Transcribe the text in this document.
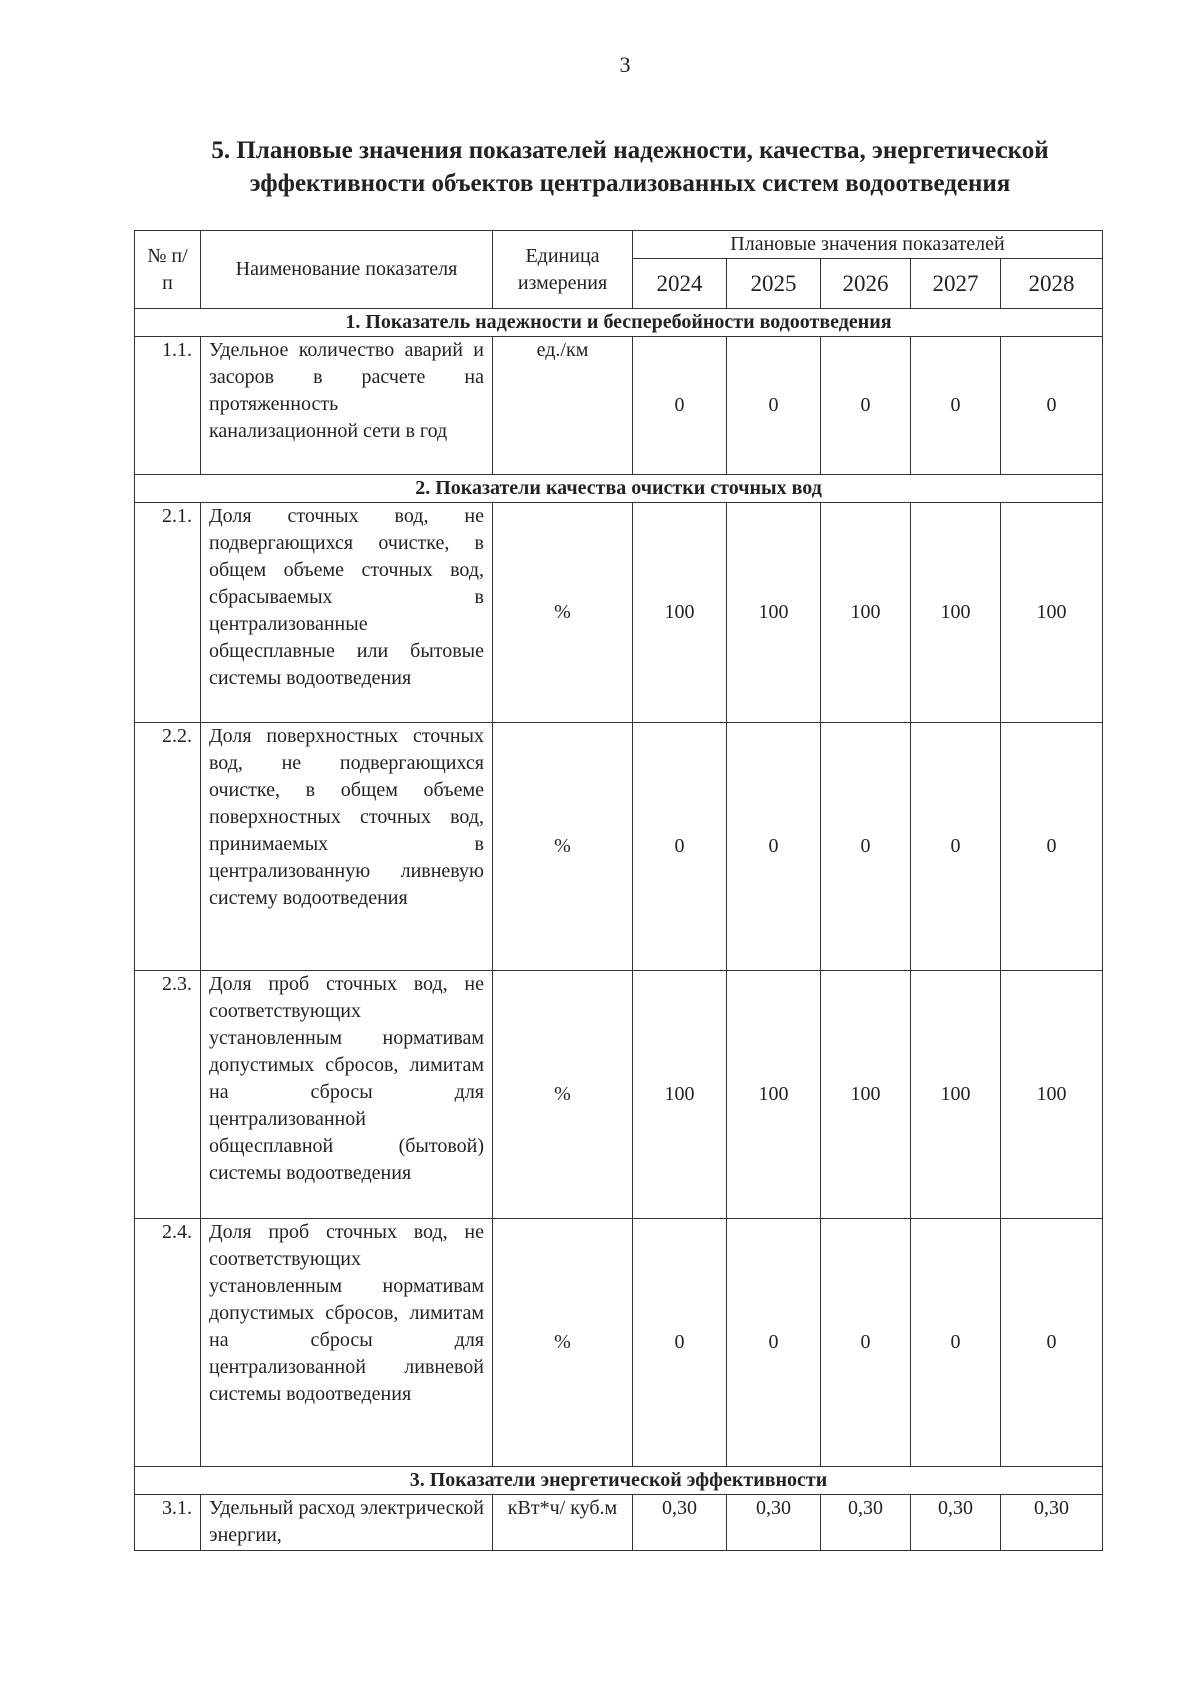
3
5. Плановые значения показателей надежности, качества, энергетической
эффективности объектов централизованных систем водоотведения
№ п/п	Наименование показателя	Единица измерения	Плановые значения показателей				
			2024	2025	2026	2027	2028
1. Показатель надежности и бесперебойности водоотведения							
1.1.	Удельное количество аварий и засоров в расчете на протяженность канализационной сети в год	ед./км	0	0	0	0	0
2. Показатели качества очистки сточных вод							
2.1.	Доля сточных вод, не подвергающихся очистке, в общем объеме сточных вод, сбрасываемых в централизованные общесплавные или бытовые системы водоотведения	%	100	100	100	100	100
2.2.	Доля поверхностных сточных вод, не подвергающихся очистке, в общем объеме поверхностных сточных вод, принимаемых в централизованную ливневую систему водоотведения	%	0	0	0	0	0
2.3.	Доля проб сточных вод, не соответствующих установленным нормативам допустимых сбросов, лимитам на сбросы для централизованной общесплавной (бытовой) системы водоотведения	%	100	100	100	100	100
2.4.	Доля проб сточных вод, не соответствующих установленным нормативам допустимых сбросов, лимитам на сбросы для централизованной ливневой системы водоотведения	%	0	0	0	0	0
3. Показатели энергетической эффективности							
3.1.	Удельный расход электрической энергии,	кВт*ч/ куб.м	0,30	0,30	0,30	0,30	0,30
